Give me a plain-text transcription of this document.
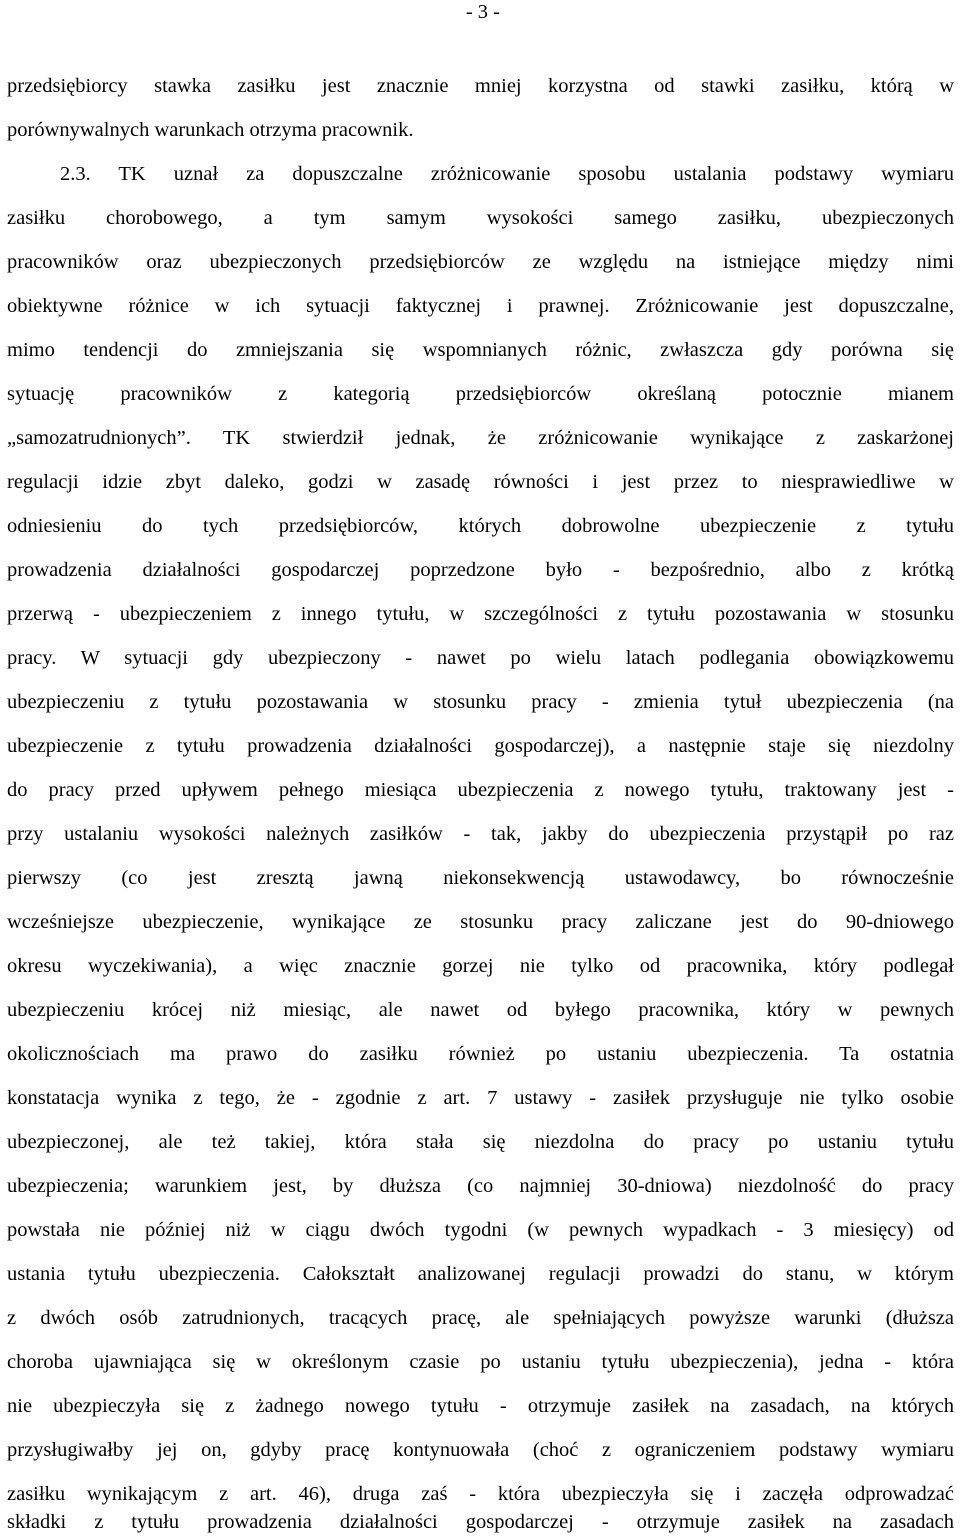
- 3 -
przedsiębiorcy stawka zasiłku jest znacznie mniej korzystna od stawki zasiłku, którą w
porównywalnych warunkach otrzyma pracownik.
2.3. TK uznał za dopuszczalne zróżnicowanie sposobu ustalania podstawy wymiaru
zasiłku chorobowego, a tym samym wysokości samego zasiłku, ubezpieczonych
pracowników oraz ubezpieczonych przedsiębiorców ze względu na istniejące między nimi
obiektywne różnice w ich sytuacji faktycznej i prawnej. Zróżnicowanie jest dopuszczalne,
mimo tendencji do zmniejszania się wspomnianych różnic, zwłaszcza gdy porówna się
sytuację pracowników z kategorią przedsiębiorców określaną potocznie mianem
„samozatrudnionych”. TK stwierdził jednak, że zróżnicowanie wynikające z zaskarżonej
regulacji idzie zbyt daleko, godzi w zasadę równości i jest przez to niesprawiedliwe w
odniesieniu do tych przedsiębiorców, których dobrowolne ubezpieczenie z tytułu
prowadzenia działalności gospodarczej poprzedzone było - bezpośrednio, albo z krótką
przerwą - ubezpieczeniem z innego tytułu, w szczególności z tytułu pozostawania w stosunku
pracy. W sytuacji gdy ubezpieczony - nawet po wielu latach podlegania obowiązkowemu
ubezpieczeniu z tytułu pozostawania w stosunku pracy - zmienia tytuł ubezpieczenia (na
ubezpieczenie z tytułu prowadzenia działalności gospodarczej), a następnie staje się niezdolny
do pracy przed upływem pełnego miesiąca ubezpieczenia z nowego tytułu, traktowany jest -
przy ustalaniu wysokości należnych zasiłków - tak, jakby do ubezpieczenia przystąpił po raz
pierwszy (co jest zresztą jawną niekonsekwencją ustawodawcy, bo równocześnie
wcześniejsze ubezpieczenie, wynikające ze stosunku pracy zaliczane jest do 90-dniowego
okresu wyczekiwania), a więc znacznie gorzej nie tylko od pracownika, który podlegał
ubezpieczeniu krócej niż miesiąc, ale nawet od byłego pracownika, który w pewnych
okolicznościach ma prawo do zasiłku również po ustaniu ubezpieczenia. Ta ostatnia
konstatacja wynika z tego, że - zgodnie z art. 7 ustawy - zasiłek przysługuje nie tylko osobie
ubezpieczonej, ale też takiej, która stała się niezdolna do pracy po ustaniu tytułu
ubezpieczenia; warunkiem jest, by dłuższa (co najmniej 30-dniowa) niezdolność do pracy
powstała nie później niż w ciągu dwóch tygodni (w pewnych wypadkach - 3 miesięcy) od
ustania tytułu ubezpieczenia. Całokształt analizowanej regulacji prowadzi do stanu, w którym
z dwóch osób zatrudnionych, tracących pracę, ale spełniających powyższe warunki (dłuższa
choroba ujawniająca się w określonym czasie po ustaniu tytułu ubezpieczenia), jedna - która
nie ubezpieczyła się z żadnego nowego tytułu - otrzymuje zasiłek na zasadach, na których
przysługiwałby jej on, gdyby pracę kontynuowała (choć z ograniczeniem podstawy wymiaru
zasiłku wynikającym z art. 46), druga zaś - która ubezpieczyła się i zaczęła odprowadzać
składki z tytułu prowadzenia działalności gospodarczej - otrzymuje zasiłek na zasadach
